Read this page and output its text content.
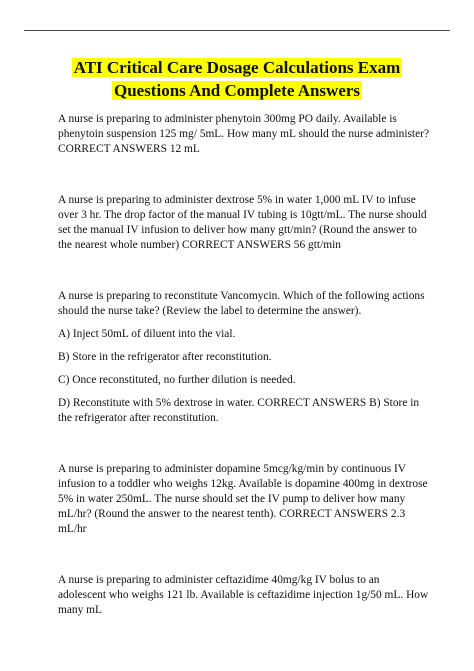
ATI Critical Care Dosage Calculations Exam
Questions And Complete Answers

A nurse is preparing to administer phenytoin 300mg PO daily. Available is phenytoin suspension 125 mg/ 5mL. How many mL should the nurse administer? CORRECT ANSWERS 12 mL

A nurse is preparing to administer dextrose 5% in water 1,000 mL IV to infuse over 3 hr. The drop factor of the manual IV tubing is 10gtt/mL. The nurse should set the manual IV infusion to deliver how many gtt/min? (Round the answer to the nearest whole number) CORRECT ANSWERS 56 gtt/min

A nurse is preparing to reconstitute Vancomycin. Which of the following actions should the nurse take? (Review the label to determine the answer).

A) Inject 50mL of diluent into the vial.

B) Store in the refrigerator after reconstitution.

C) Once reconstituted, no further dilution is needed.

D) Reconstitute with 5% dextrose in water. CORRECT ANSWERS B) Store in the refrigerator after reconstitution.

A nurse is preparing to administer dopamine 5mcg/kg/min by continuous IV infusion to a toddler who weighs 12kg. Available is dopamine 400mg in dextrose 5% in water 250mL. The nurse should set the IV pump to deliver how many mL/hr? (Round the answer to the nearest tenth). CORRECT ANSWERS 2.3 mL/hr

A nurse is preparing to administer ceftazidime 40mg/kg IV bolus to an adolescent who weighs 121 lb. Available is ceftazidime injection 1g/50 mL. How many mL
